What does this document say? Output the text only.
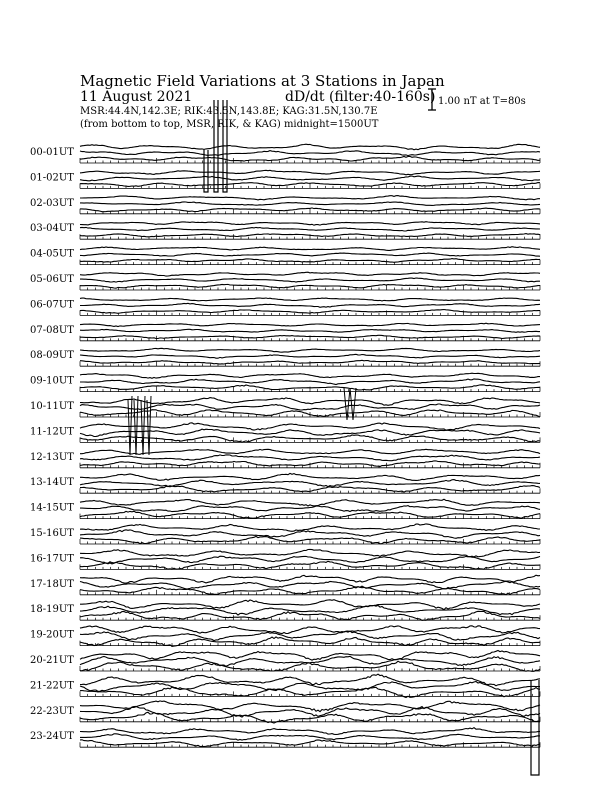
Magnetic Field Variations at 3 Stations in Japan
11 August 2021	dD/dt (filter:40-160s)
MSR:44.4N,142.3E; RIK:43.5N,143.8E; KAG:31.5N,130.7E
(from bottom to top, MSR, RIK, & KAG) midnight=1500UT
1.00 nT at T=80s
00-01UT
01-02UT
02-03UT
03-04UT
04-05UT
05-06UT
06-07UT
07-08UT
08-09UT
09-10UT
10-11UT
11-12UT
12-13UT
13-14UT
14-15UT
15-16UT
16-17UT
17-18UT
18-19UT
19-20UT
20-21UT
21-22UT
22-23UT
23-24UT
